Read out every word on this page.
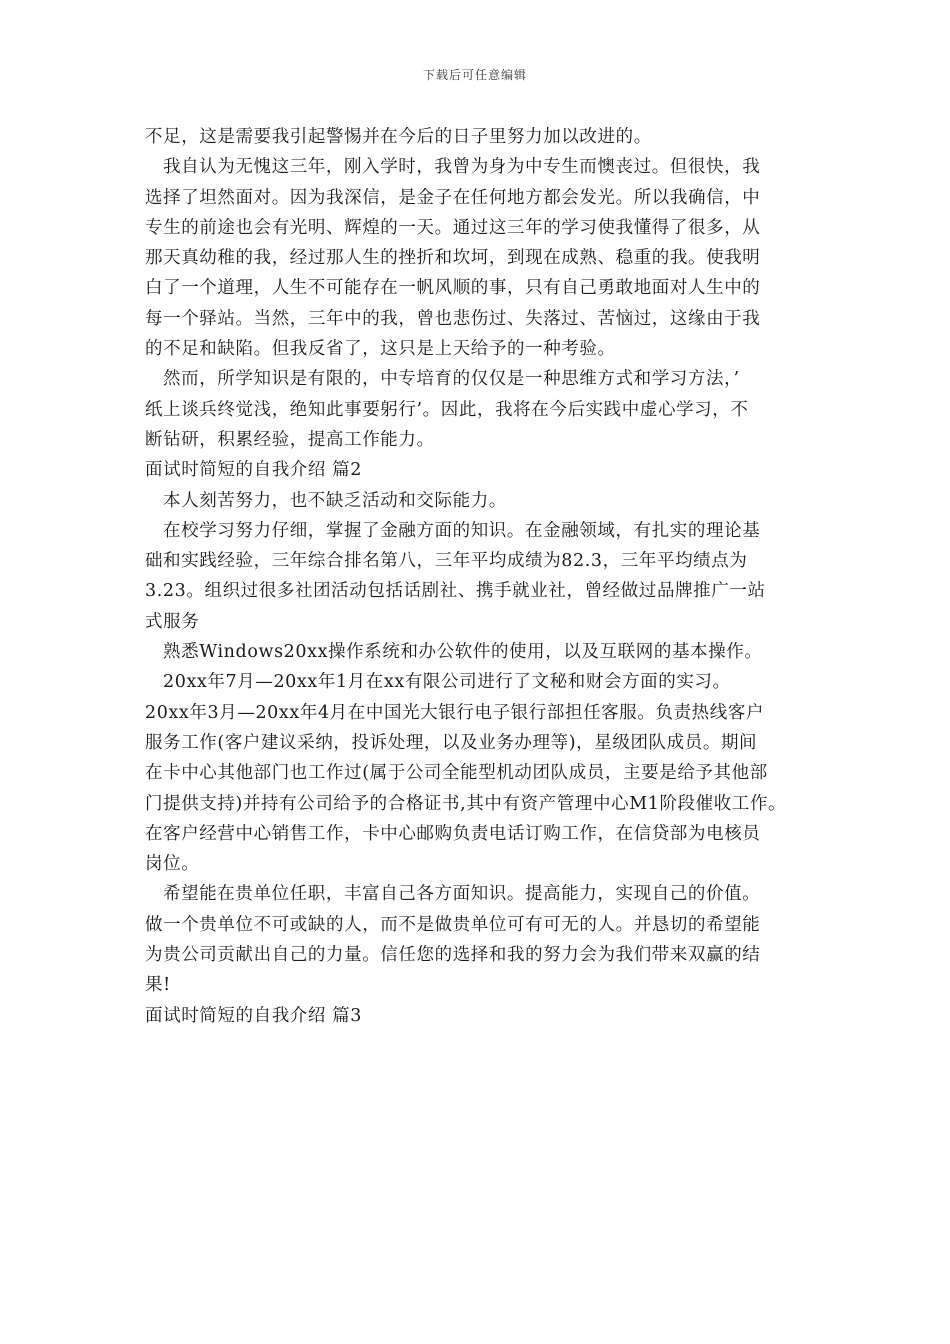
下载后可任意编辑

不足，这是需要我引起警惕并在今后的日子里努力加以改进的。

我自认为无愧这三年，刚入学时，我曾为身为中专生而懊丧过。但很快，我

选择了坦然面对。因为我深信，是金子在任何地方都会发光。所以我确信，中

专生的前途也会有光明、辉煌的一天。通过这三年的学习使我懂得了很多，从

那天真幼稚的我，经过那人生的挫折和坎坷，到现在成熟、稳重的我。使我明

白了一个道理，人生不可能存在一帆风顺的事，只有自己勇敢地面对人生中的

每一个驿站。当然，三年中的我，曾也悲伤过、失落过、苦恼过，这缘由于我

的不足和缺陷。但我反省了，这只是上天给予的一种考验。

然而，所学知识是有限的，中专培育的仅仅是一种思维方式和学习方法，’

纸上谈兵终觉浅，绝知此事要躬行’。因此，我将在今后实践中虚心学习，不

断钻研，积累经验，提高工作能力。

面试时简短的自我介绍 篇2

本人刻苦努力，也不缺乏活动和交际能力。

在校学习努力仔细，掌握了金融方面的知识。在金融领域，有扎实的理论基

础和实践经验，三年综合排名第八，三年平均成绩为82.3，三年平均绩点为

3.23。组织过很多社团活动包括话剧社、携手就业社，曾经做过品牌推广一站

式服务

熟悉Windows20xx操作系统和办公软件的使用，以及互联网的基本操作。

20xx年7月—20xx年1月在xx有限公司进行了文秘和财会方面的实习。

20xx年3月—20xx年4月在中国光大银行电子银行部担任客服。负责热线客户

服务工作(客户建议采纳，投诉处理，以及业务办理等)，星级团队成员。期间

在卡中心其他部门也工作过(属于公司全能型机动团队成员，主要是给予其他部

门提供支持)并持有公司给予的合格证书,其中有资产管理中心M1阶段催收工作。

在客户经营中心销售工作，卡中心邮购负责电话订购工作，在信贷部为电核员

岗位。

希望能在贵单位任职，丰富自己各方面知识。提高能力，实现自己的价值。

做一个贵单位不可或缺的人，而不是做贵单位可有可无的人。并恳切的希望能

为贵公司贡献出自己的力量。信任您的选择和我的努力会为我们带来双赢的结

果!

面试时简短的自我介绍 篇3
